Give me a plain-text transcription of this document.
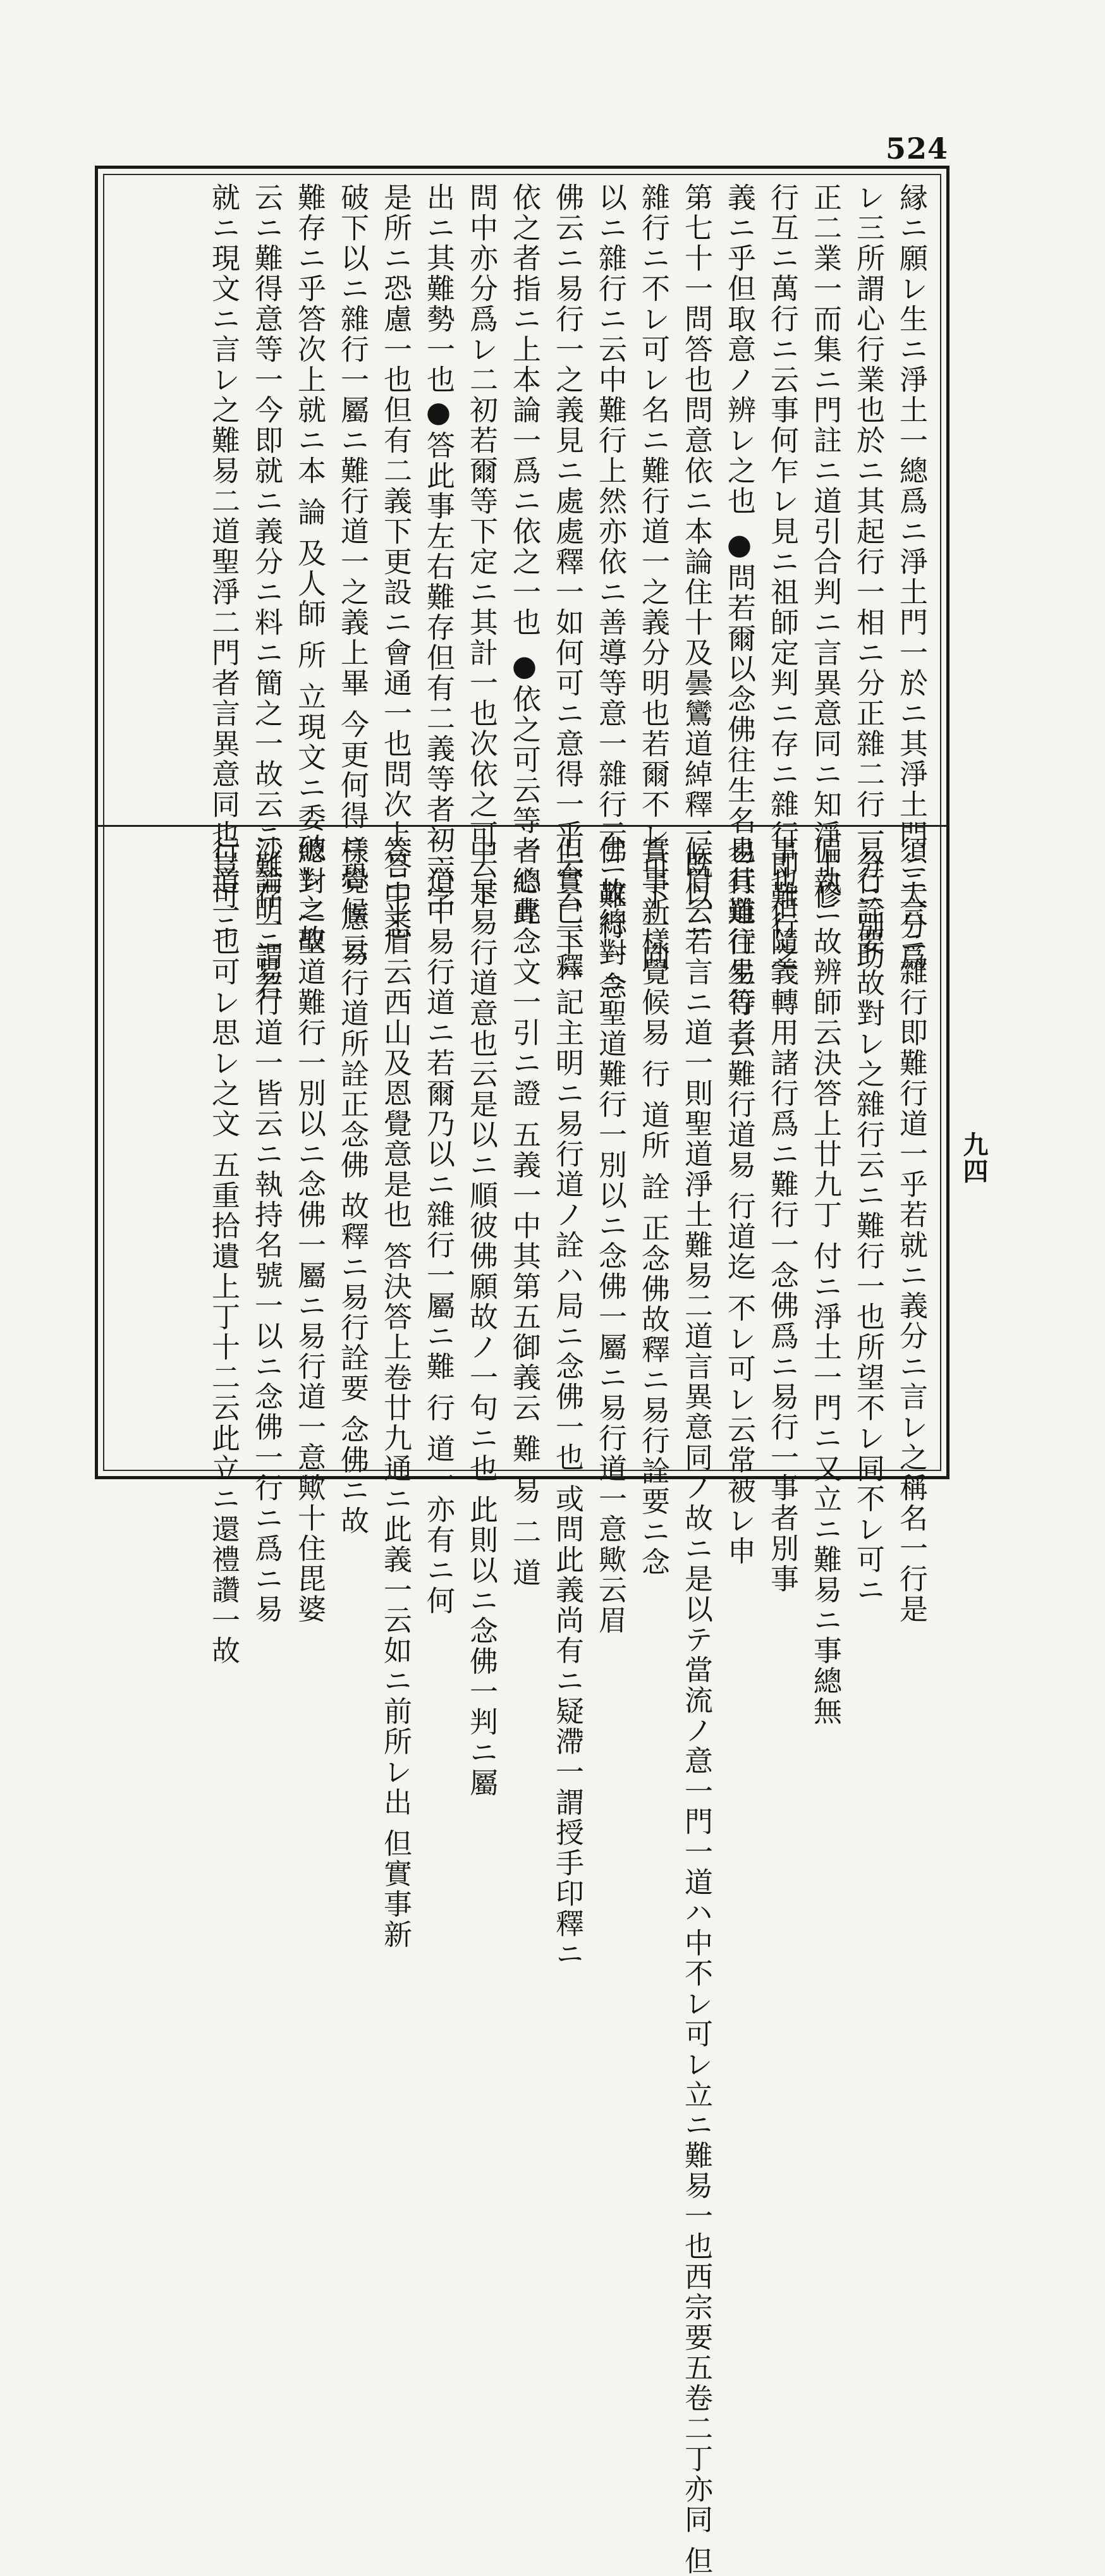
524
縁ニ願レ生ニ淨土一總爲ニ淨土門一於ニ其淨土門ニ大分爲
レ三所謂心行業也於ニ其起行一相ニ分正雜二行一分ニ別助
正二業一而集ニ門註ニ道引合判ニ言異意同ニ知淨土修
行互ニ萬行ニ云事何乍レ見ニ祖師定判ニ存ニ雜行即難行之
義ニ乎但取意ノ辨レ之也 ●問若爾以念佛往生名易行道往生等者
第七十一問答也問意依ニ本論住十及曇鸞道綽釋一既以ニ
雜行ニ不レ可レ名ニ難行道一之義分明也若爾不レ可下一向
以ニ雜行ニ云中難行上然亦依ニ善導等意一雜行云ニ難行一念
佛云ニ易行一之義見ニ處處釋一如何可ニ意得一乎云云 三釋
依之者指ニ上本論一爲ニ依之一也 ●依之可云等者總此
問中亦分爲レ二初若爾等下定ニ其計一也次依之可云下
出ニ其難勢一也●答此事左右難存但有二義等者初六字
是所ニ恐慮一也但有二義下更設ニ會通一也問次上答中悉
破下以ニ雜行一屬ニ難行道一之義上畢 今更何得ニ恐 慮云
難存ニ乎答次上就ニ本 論 及人師 所 立現文ニ委破レ之故
云ニ難得意等一今即就ニ義分ニ料ニ簡之一故云ニ難存一謂若
就ニ現文ニ言レ之難易二道聖淨二門者言異意同也豈可ニ
須ニ言ニ雜行即難行道一乎若就ニ義分ニ言レ之稱名一行是
易行詮要 故對レ之雜行云ニ難行一也所望不レ同不レ可ニ
偏執ニ故辨師云決答上廿九丁 付ニ淨土一門ニ又立ニ難易ニ事總無
事也但隨義轉用諸行爲ニ難行一念佛爲ニ易行一事者別事
也其難行易行 云難行道易 行道迄 不レ可レ云常被レ申
候眉云若言ニ道一則聖道淨土難易二道言異意同ノ故ニ是以テ當流ノ意一門一道ハ中不レ可レ立ニ難易一也西宗要五卷二丁亦同 但
實事新樣覺候易 行 道所 詮 正念佛故釋ニ易行詮要ニ念
佛 故總對ニ聖道難行一別以ニ念佛一屬ニ易行道一意歟云眉
但實已下ハ記主明ニ易行道ノ詮ハ局ニ念佛一也 或問此義尚有ニ疑滯一謂授手印釋ニ
一心專念文一引ニ證 五義一中其第五御義云 難 易 二 道
中 是易行道意也云是以ニ順彼佛願故ノ一句ニ也 此則以ニ念佛一判ニ屬
二道中易行道ニ若爾乃以ニ雜行一屬ニ難 行 道一亦有ニ何
答ニ乎眉云西山及恩覺意是也 答決答上卷廿九通ニ此義一云如ニ前所レ出 但實事新
樣覺候 易行道所詮正念佛 故釋ニ易行詮要 念佛ニ故
總對ニ聖道難行一別以ニ念佛一屬ニ易行道一意歟十住毘婆
沙論明ニ易行道一皆云ニ執持名號一以ニ念佛一行ニ爲ニ易
行道一也可レ思レ之文 五重拾遺上丁十二云此立ニ還禮讚一故	九四
